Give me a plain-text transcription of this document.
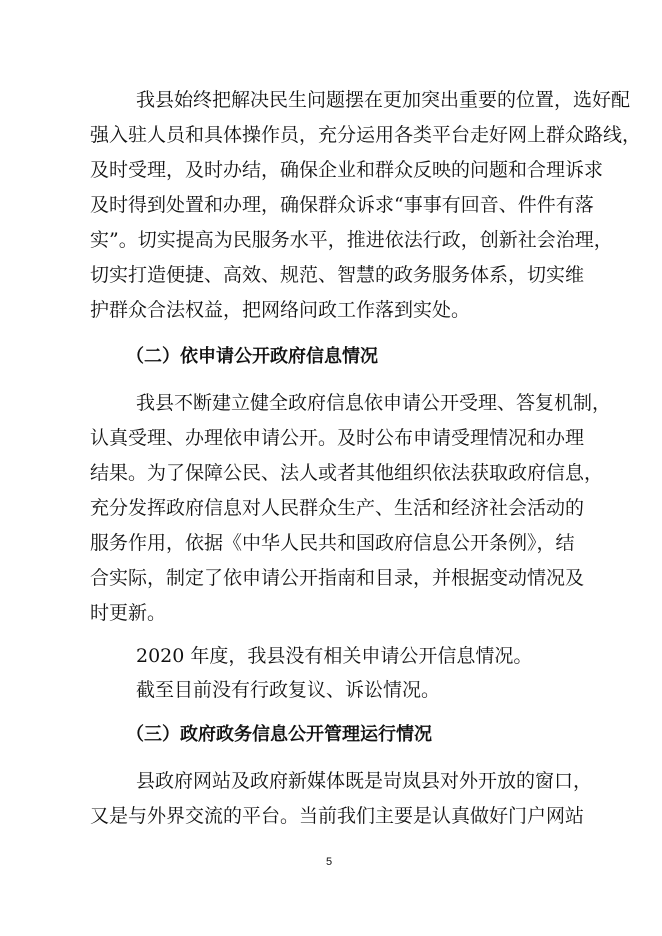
我县始终把解决民生问题摆在更加突出重要的位置，选好配
强入驻人员和具体操作员，充分运用各类平台走好网上群众路线，
及时受理，及时办结，确保企业和群众反映的问题和合理诉求
及时得到处置和办理，确保群众诉求“事事有回音、件件有落
实”。切实提高为民服务水平，推进依法行政，创新社会治理，
切实打造便捷、高效、规范、智慧的政务服务体系，切实维
护群众合法权益，把网络问政工作落到实处。
（二）依申请公开政府信息情况
我县不断建立健全政府信息依申请公开受理、答复机制，
认真受理、办理依申请公开。及时公布申请受理情况和办理
结果。为了保障公民、法人或者其他组织依法获取政府信息，
充分发挥政府信息对人民群众生产、生活和经济社会活动的
服务作用，依据《中华人民共和国政府信息公开条例》，结
合实际，制定了依申请公开指南和目录，并根据变动情况及
时更新。
2020 年度，我县没有相关申请公开信息情况。
截至目前没有行政复议、诉讼情况。
（三）政府政务信息公开管理运行情况
县政府网站及政府新媒体既是岢岚县对外开放的窗口，
又是与外界交流的平台。当前我们主要是认真做好门户网站
5
